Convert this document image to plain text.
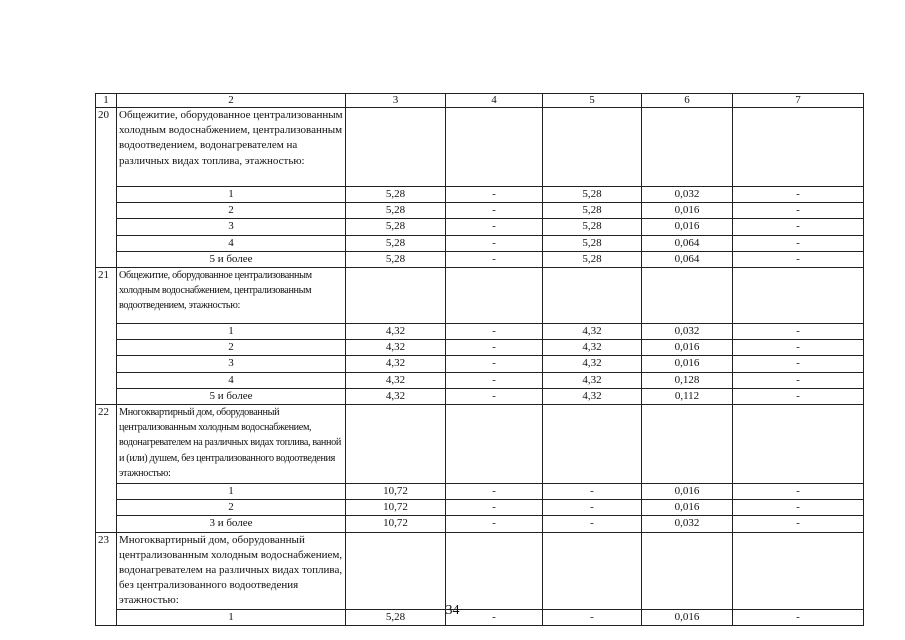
1	2	3	4	5	6	7
20	Общежитие, оборудованное централизованным холодным водоснабжением, централизованным водоотведением, водонагревателем на различных видах топлива, этажностью:					
	1	5,28	-	5,28	0,032	-
	2	5,28	-	5,28	0,016	-
	3	5,28	-	5,28	0,016	-
	4	5,28	-	5,28	0,064	-
	5 и более	5,28	-	5,28	0,064	-
21	Общежитие, оборудованное централизованным холодным водоснабжением, централизованным водоотведением, этажностью:					
	1	4,32	-	4,32	0,032	-
	2	4,32	-	4,32	0,016	-
	3	4,32	-	4,32	0,016	-
	4	4,32	-	4,32	0,128	-
	5 и более	4,32	-	4,32	0,112	-
22	Многоквартирный дом, оборудованный централизованным холодным водоснабжением, водонагревателем на различных видах топлива, ванной и (или) душем, без централизованного водоотведения этажностью:					
	1	10,72	-	-	0,016	-
	2	10,72	-	-	0,016	-
	3 и более	10,72	-	-	0,032	-
23	Многоквартирный дом, оборудованный централизованным холодным водоснабжением, водонагревателем на различных видах топлива, без централизованного водоотведения этажностью:					
	1	5,28	-	-	0,016	-
34
